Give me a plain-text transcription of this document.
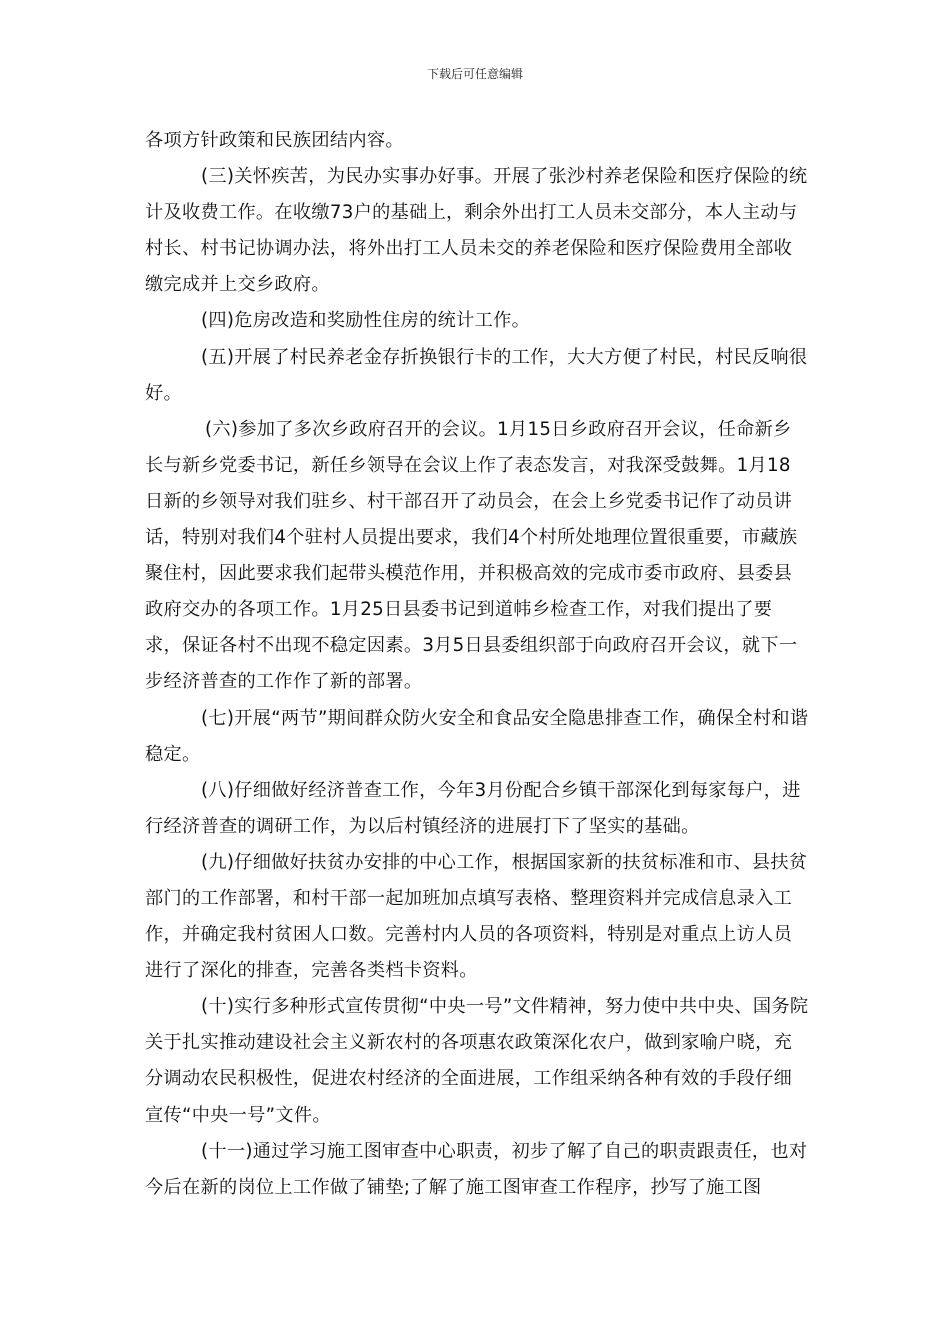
下载后可任意编辑

各项方针政策和民族团结内容。

(三)关怀疾苦，为民办实事办好事。开展了张沙村养老保险和医疗保险的统计及收费工作。在收缴73户的基础上，剩余外出打工人员未交部分，本人主动与村长、村书记协调办法，将外出打工人员未交的养老保险和医疗保险费用全部收缴完成并上交乡政府。

(四)危房改造和奖励性住房的统计工作。

(五)开展了村民养老金存折换银行卡的工作，大大方便了村民，村民反响很好。

(六)参加了多次乡政府召开的会议。1月15日乡政府召开会议，任命新乡长与新乡党委书记，新任乡领导在会议上作了表态发言，对我深受鼓舞。1月18日新的乡领导对我们驻乡、村干部召开了动员会，在会上乡党委书记作了动员讲话，特别对我们4个驻村人员提出要求，我们4个村所处地理位置很重要，市藏族聚住村，因此要求我们起带头模范作用，并积极高效的完成市委市政府、县委县政府交办的各项工作。1月25日县委书记到道帏乡检查工作，对我们提出了要求，保证各村不出现不稳定因素。3月5日县委组织部于向政府召开会议，就下一步经济普查的工作作了新的部署。

(七)开展“两节”期间群众防火安全和食品安全隐患排查工作，确保全村和谐稳定。

(八)仔细做好经济普查工作，今年3月份配合乡镇干部深化到每家每户，进行经济普查的调研工作，为以后村镇经济的进展打下了坚实的基础。

(九)仔细做好扶贫办安排的中心工作，根据国家新的扶贫标准和市、县扶贫部门的工作部署，和村干部一起加班加点填写表格、整理资料并完成信息录入工作，并确定我村贫困人口数。完善村内人员的各项资料，特别是对重点上访人员进行了深化的排查，完善各类档卡资料。

(十)实行多种形式宣传贯彻“中央一号”文件精神，努力使中共中央、国务院关于扎实推动建设社会主义新农村的各项惠农政策深化农户，做到家喻户晓，充分调动农民积极性，促进农村经济的全面进展，工作组采纳各种有效的手段仔细宣传“中央一号”文件。

(十一)通过学习施工图审查中心职责，初步了解了自己的职责跟责任，也对今后在新的岗位上工作做了铺垫;了解了施工图审查工作程序，抄写了施工图
